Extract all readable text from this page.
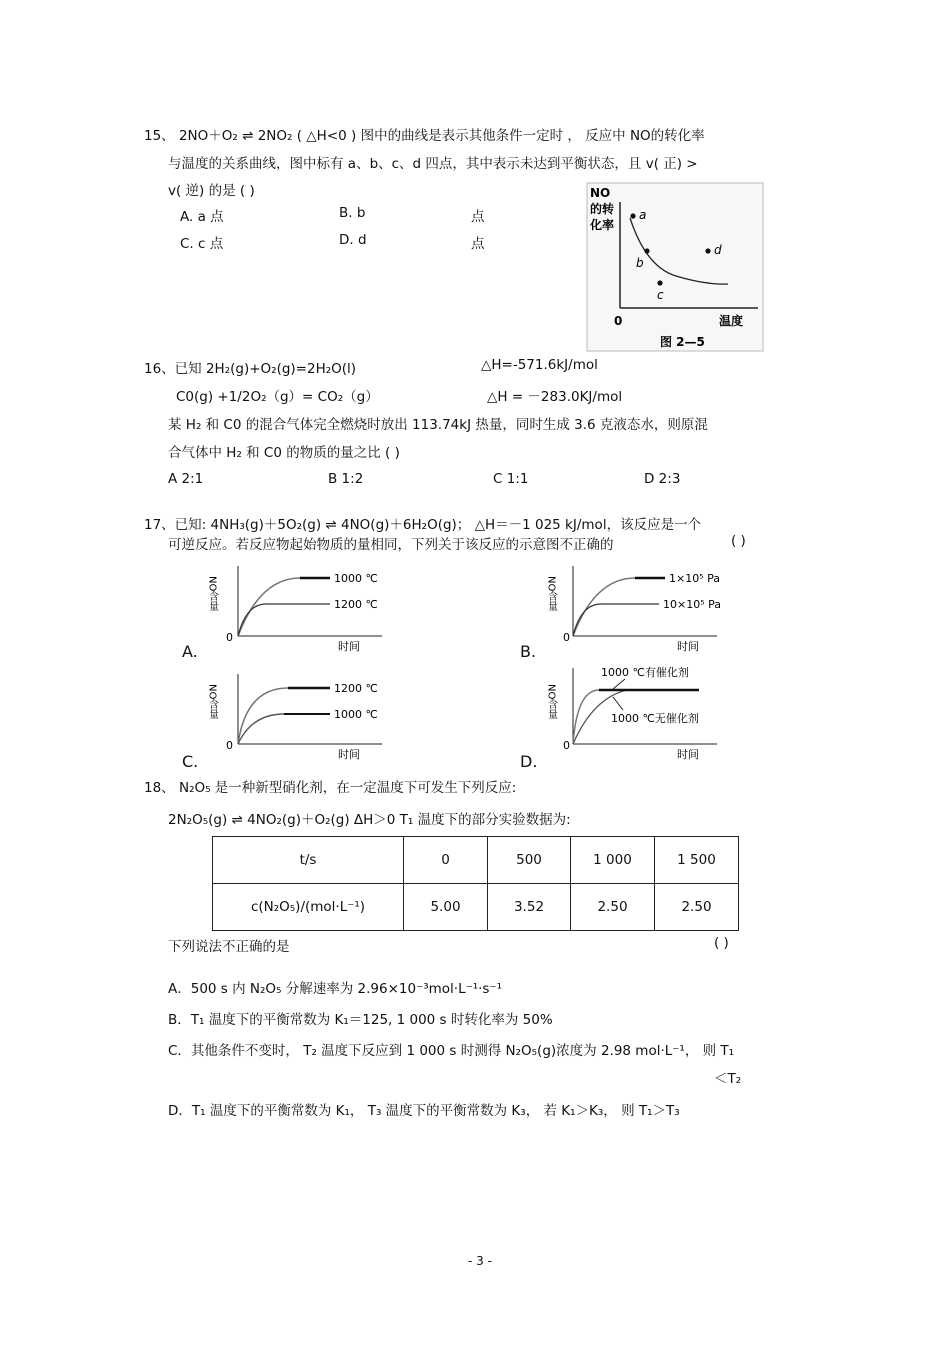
15、 2NO＋O₂ ⇌ 2NO₂ ( △H<0 ) 图中的曲线是表示其他条件一定时 ， 反应中 NO的转化率
与温度的关系曲线，图中标有 a、b、c、d 四点，其中表示未达到平衡状态，且 v( 正) >
v( 逆) 的是 ( )
A. a 点	B. b	点
C. c 点	D. d	点
NO
的转
化率
a
b
c
d
0	温度
图 2—5
16、已知 2H₂(g)+O₂(g)=2H₂O(l)	△H=-571.6kJ/mol
C0(g) +1/2O₂（g）= CO₂（g）	△H = －283.0KJ/mol
某 H₂ 和 C0 的混合气体完全燃烧时放出 113.74kJ 热量，同时生成 3.6 克液态水，则原混
合气体中 H₂ 和 C0 的物质的量之比 ( )
A 2:1	B 1:2	C 1:1	D 2:3
17、已知: 4NH₃(g)＋5O₂(g) ⇌ 4NO(g)＋6H₂O(g)； △H＝－1 025 kJ/mol，该反应是一个
可逆反应。若反应物起始物质的量相同，下列关于该反应的示意图不正确的	( )
NO含量	1000 ℃
1200 ℃
0
时间
A.
NO含量	1×10⁵ Pa
10×10⁵ Pa
0
时间
B.
NO含量	1200 ℃
1000 ℃
0
时间
C.
NO含量
1000 ℃有催化剂
1000 ℃无催化剂
0
时间
D.
18、 N₂O₅ 是一种新型硝化剂，在一定温度下可发生下列反应:
2N₂O₅(g) ⇌ 4NO₂(g)＋O₂(g) ΔH＞0 T₁ 温度下的部分实验数据为:
t/s	0	500	1 000	1 500
c(N₂O₅)/(mol·L⁻¹)	5.00	3.52	2.50	2.50
下列说法不正确的是	( )
A．500 s 内 N₂O₅ 分解速率为 2.96×10⁻³mol·L⁻¹·s⁻¹
B．T₁ 温度下的平衡常数为 K₁＝125, 1 000 s 时转化率为 50%
C．其他条件不变时， T₂ 温度下反应到 1 000 s 时测得 N₂O₅(g)浓度为 2.98 mol·L⁻¹， 则 T₁
＜T₂
D．T₁ 温度下的平衡常数为 K₁， T₃ 温度下的平衡常数为 K₃， 若 K₁＞K₃， 则 T₁＞T₃
- 3 -
